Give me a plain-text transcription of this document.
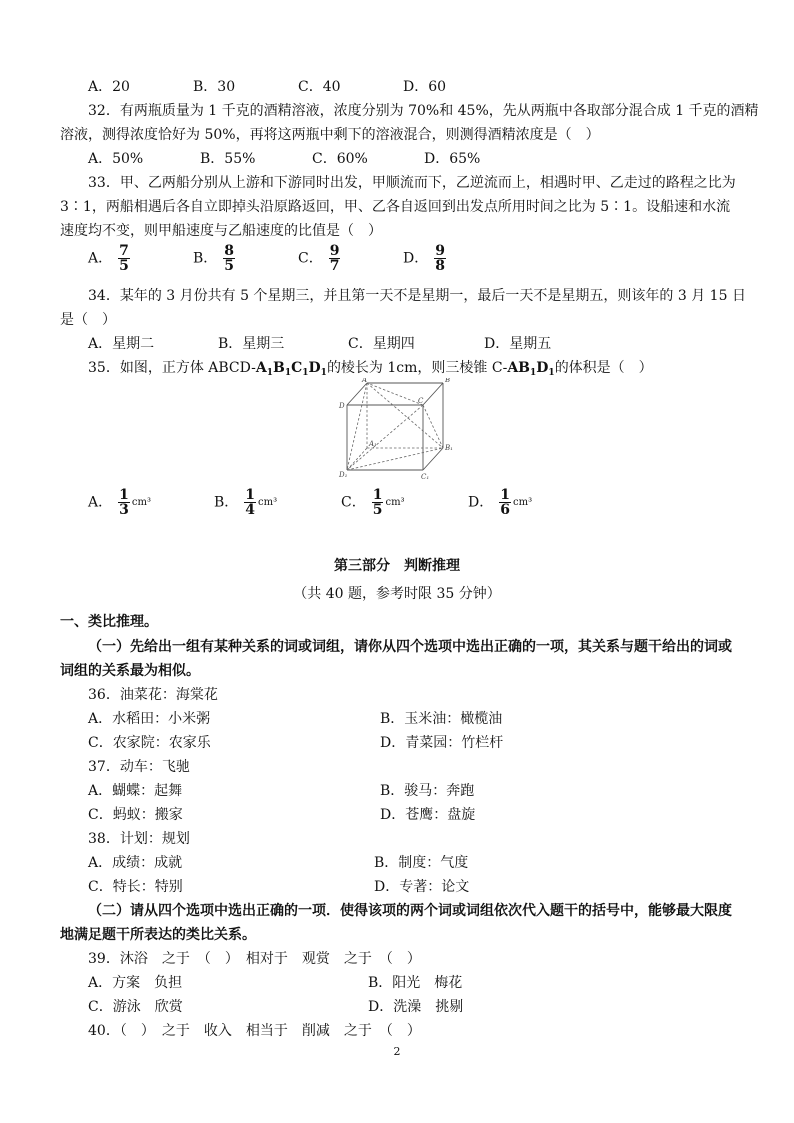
A．20	B．30	C．40	D．60
32．有两瓶质量为 1 千克的酒精溶液，浓度分别为 70%和 45%，先从两瓶中各取部分混合成 1 千克的酒精
溶液，测得浓度恰好为 50%，再将这两瓶中剩下的溶液混合，则测得酒精浓度是（　）
A．50%	B．55%	C．60%	D．65%
33．甲、乙两船分别从上游和下游同时出发，甲顺流而下，乙逆流而上，相遇时甲、乙走过的路程之比为
3∶1，两船相遇后各自立即掉头沿原路返回，甲、乙各自返回到出发点所用时间之比为 5∶1。设船速和水流
速度均不变，则甲船速度与乙船速度的比值是（　）
A． $\frac{7}{5}$	B． $\frac{8}{5}$	C． $\frac{9}{7}$	D． $\frac{9}{8}$
34．某年的 3 月份共有 5 个星期三，并且第一天不是星期一，最后一天不是星期五，则该年的 3 月 15 日
是（　）
A．星期二	B．星期三	C．星期四	D．星期五
35．如图，正方体 ABCD-$A_1B_1C_1D_1$的棱长为 1cm，则三棱锥 $C-AB_1D_1$的体积是（　）
A	B
C
D
A₁	B₁
C₁
D₁
A． $\frac{1}{3} cm^3$	B． $\frac{1}{4} cm^3$	C． $\frac{1}{5} cm^3$	D． $\frac{1}{6} cm^3$
第三部分　判断推理
（共 40 题，参考时限 35 分钟）
一、类比推理。
（一）先给出一组有某种关系的词或词组，请你从四个选项中选出正确的一项，其关系与题干给出的词或
词组的关系最为相似。
36．油菜花：海棠花
A．水稻田：小米粥	B．玉米油：橄榄油
C．农家院：农家乐	D．青菜园：竹栏杆
37．动车：飞驰
A．蝴蝶：起舞	B．骏马：奔跑
C．蚂蚁：搬家	D．苍鹰：盘旋
38．计划：规划
A．成绩：成就	B．制度：气度
C．特长：特别	D．专著：论文
（二）请从四个选项中选出正确的一项．使得该项的两个词或词组依次代入题干的括号中，能够最大限度
地满足题干所表达的类比关系。
39．沐浴　之于　（　）　相对于　观赏　之于　（　）
A．方案　负担	B．阳光　梅花
C．游泳　欣赏	D．洗澡　挑剔
40．（　）　之于　收入　相当于　削减　之于　（　）
2
